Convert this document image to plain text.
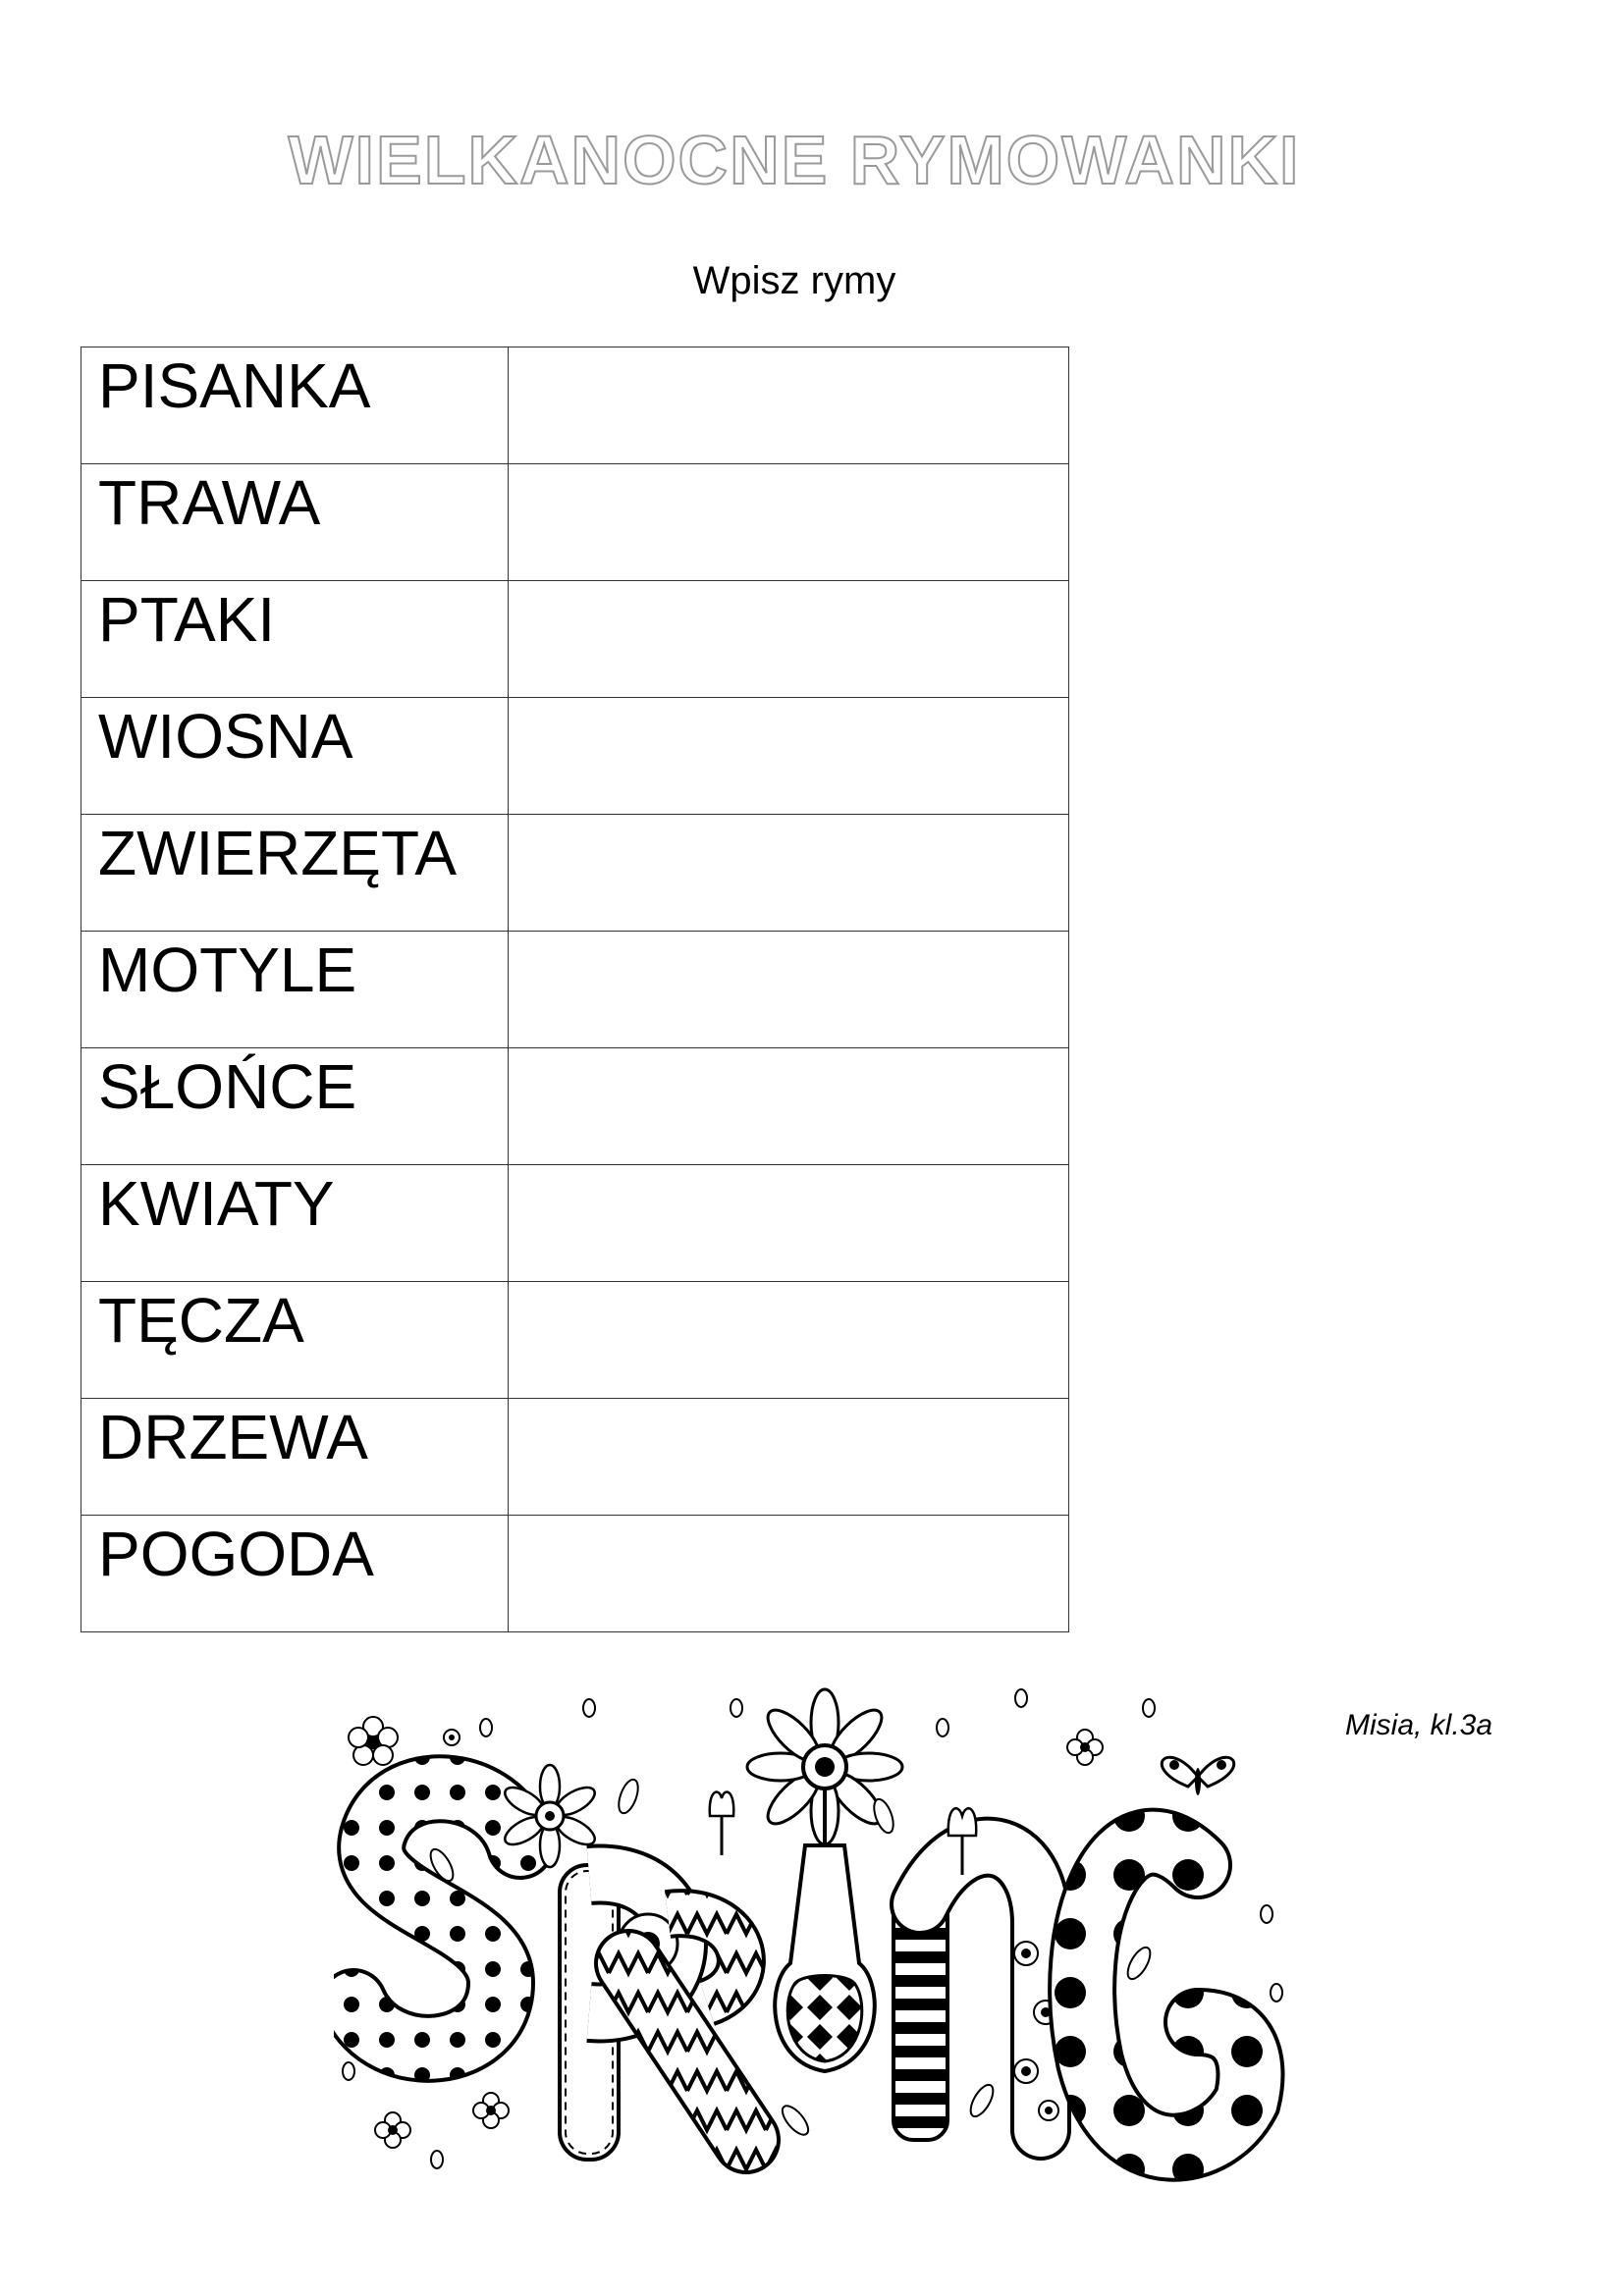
WIELKANOCNE RYMOWANKI

Wpisz rymy

PISANKA	
TRAWA	
PTAKI	
WIOSNA	
ZWIERZĘTA	
MOTYLE	
SŁOŃCE	
KWIATY	
TĘCZA	
DRZEWA	
POGODA	

Misia, kl.3a
